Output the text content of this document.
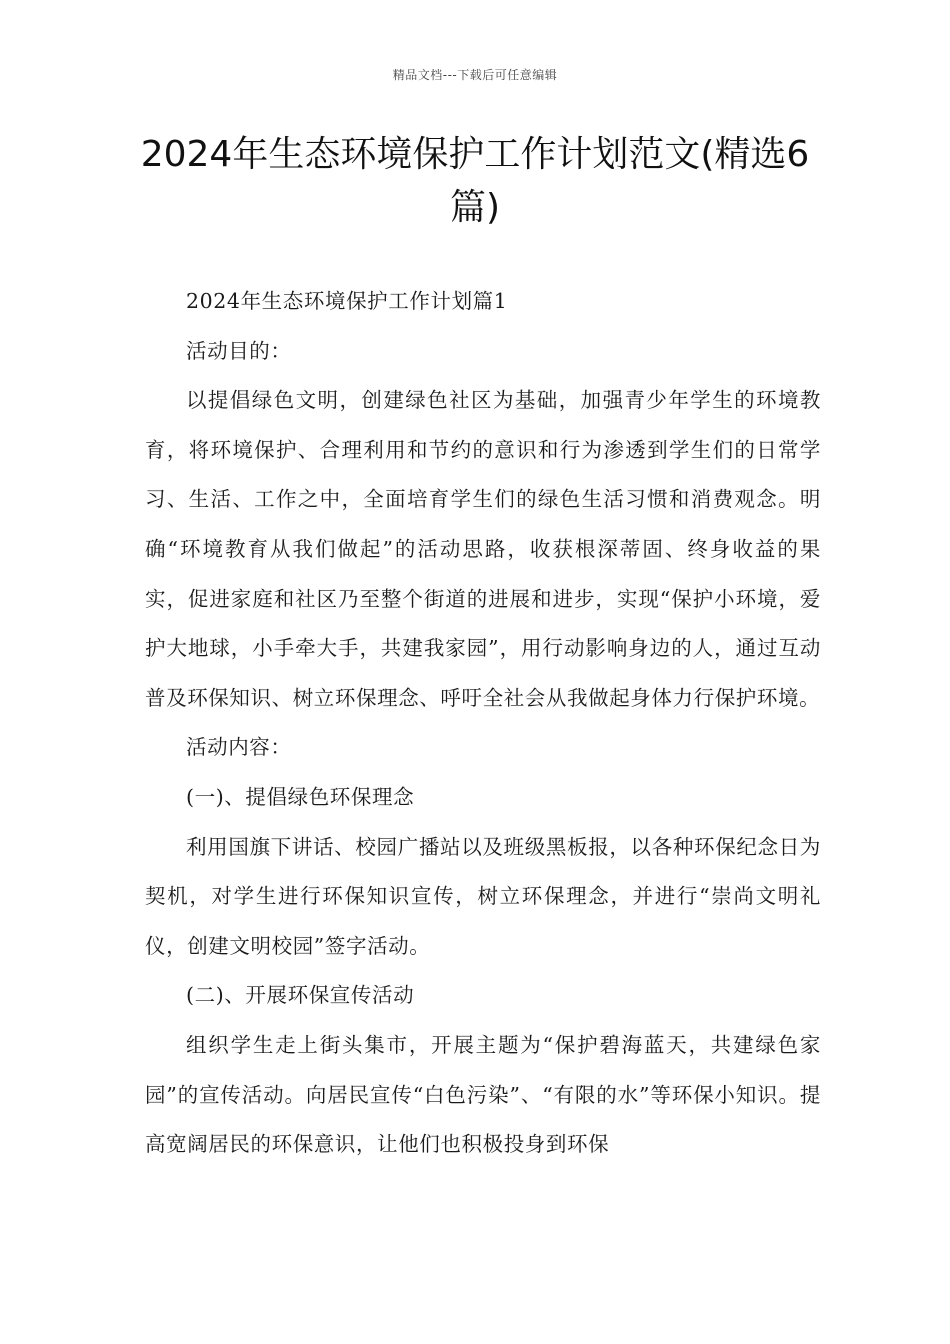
精品文档---下载后可任意编辑
2024年生态环境保护工作计划范文(精选6篇)

2024年生态环境保护工作计划篇1

活动目的：

以提倡绿色文明，创建绿色社区为基础，加强青少年学生的环境教育，将环境保护、合理利用和节约的意识和行为渗透到学生们的日常学习、生活、工作之中，全面培育学生们的绿色生活习惯和消费观念。明确“环境教育从我们做起”的活动思路，收获根深蒂固、终身收益的果实，促进家庭和社区乃至整个街道的进展和进步，实现“保护小环境，爱护大地球，小手牵大手，共建我家园”，用行动影响身边的人，通过互动普及环保知识、树立环保理念、呼吁全社会从我做起身体力行保护环境。

活动内容：

(一)、提倡绿色环保理念

利用国旗下讲话、校园广播站以及班级黑板报，以各种环保纪念日为契机，对学生进行环保知识宣传，树立环保理念，并进行“崇尚文明礼仪，创建文明校园”签字活动。

(二)、开展环保宣传活动

组织学生走上街头集市，开展主题为“保护碧海蓝天，共建绿色家园”的宣传活动。向居民宣传“白色污染”、“有限的水”等环保小知识。提高宽阔居民的环保意识，让他们也积极投身到环保
